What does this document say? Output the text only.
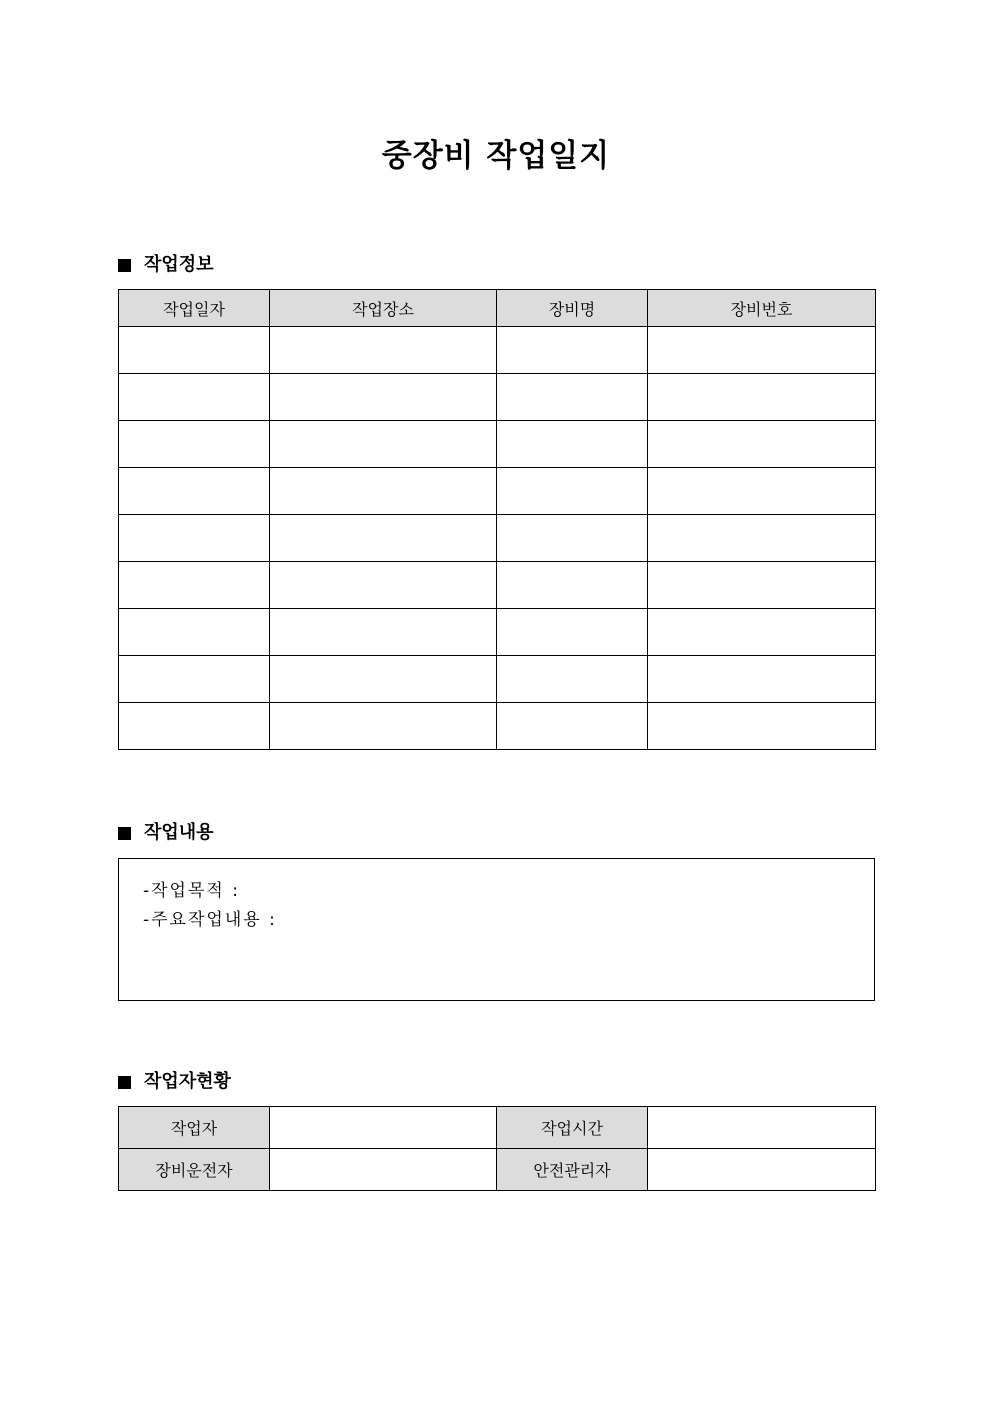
중장비 작업일지
작업정보
작업일자	작업장소	장비명	장비번호

작업내용
-작업목적 :
-주요작업내용 :
작업자현황
작업자		작업시간	
장비운전자		안전관리자	
